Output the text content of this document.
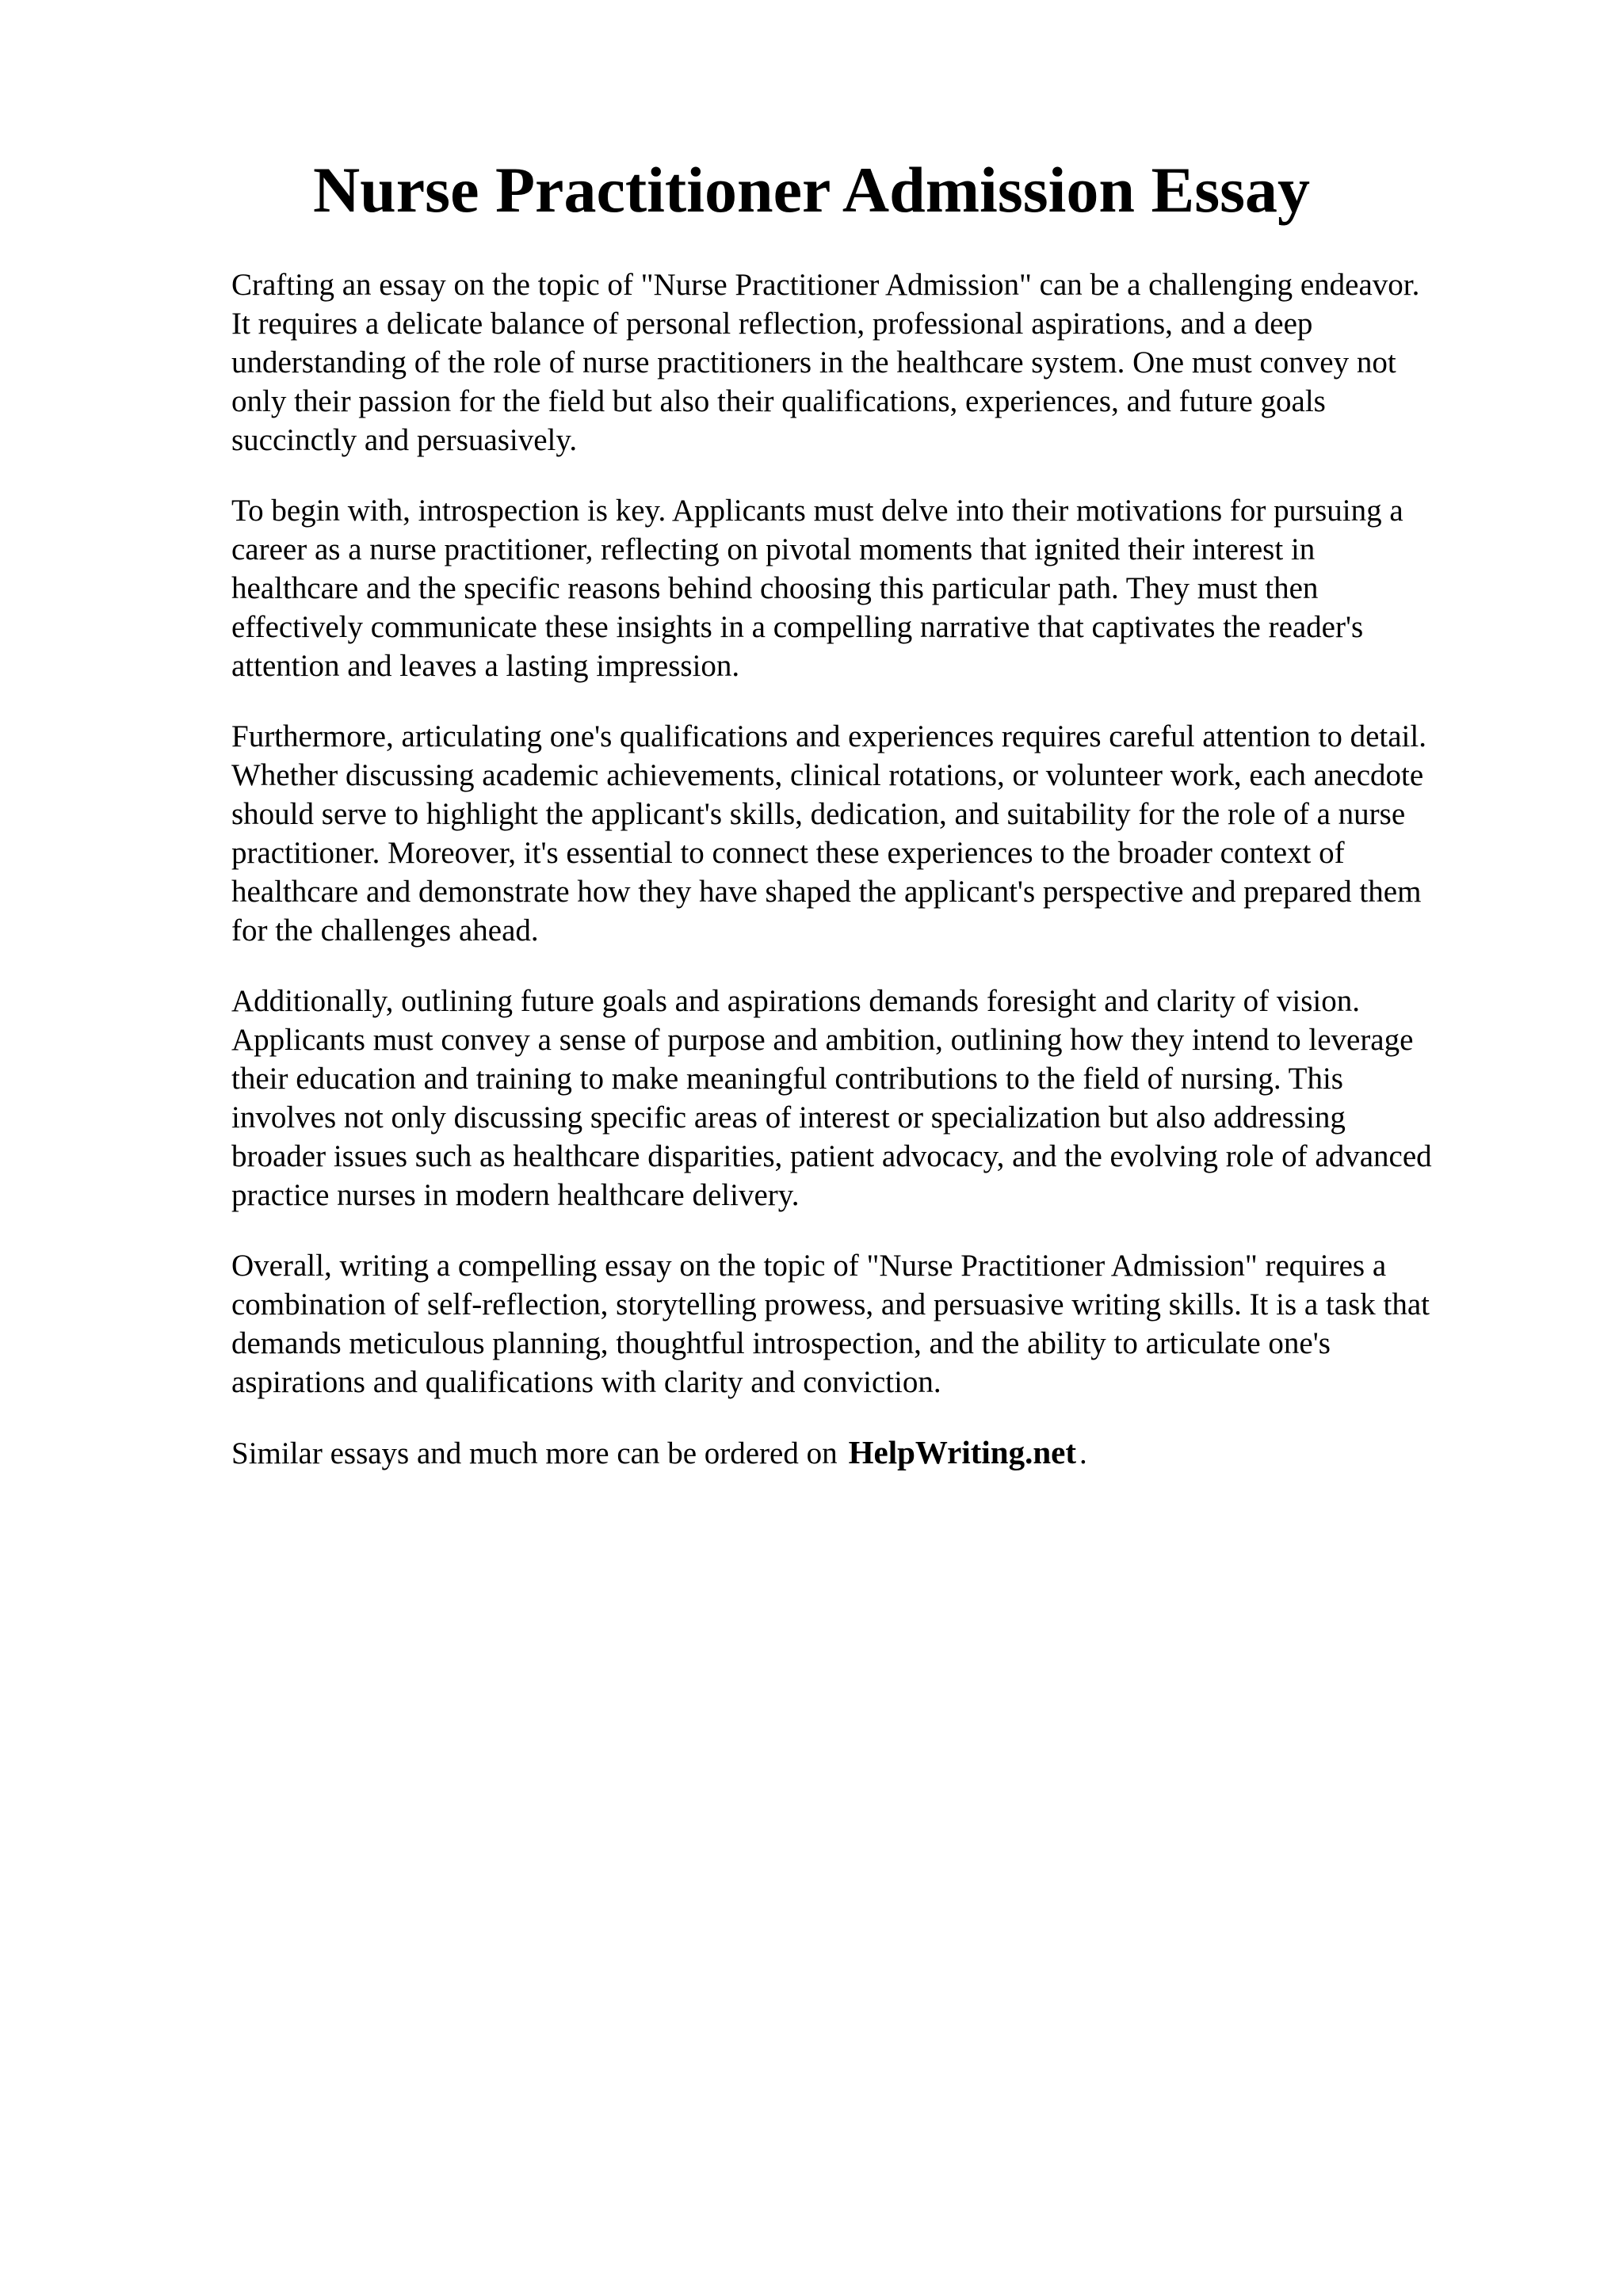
Nurse Practitioner Admission Essay

Crafting an essay on the topic of "Nurse Practitioner Admission" can be a challenging endeavor.
It requires a delicate balance of personal reflection, professional aspirations, and a deep
understanding of the role of nurse practitioners in the healthcare system. One must convey not
only their passion for the field but also their qualifications, experiences, and future goals
succinctly and persuasively.

To begin with, introspection is key. Applicants must delve into their motivations for pursuing a
career as a nurse practitioner, reflecting on pivotal moments that ignited their interest in
healthcare and the specific reasons behind choosing this particular path. They must then
effectively communicate these insights in a compelling narrative that captivates the reader's
attention and leaves a lasting impression.

Furthermore, articulating one's qualifications and experiences requires careful attention to detail.
Whether discussing academic achievements, clinical rotations, or volunteer work, each anecdote
should serve to highlight the applicant's skills, dedication, and suitability for the role of a nurse
practitioner. Moreover, it's essential to connect these experiences to the broader context of
healthcare and demonstrate how they have shaped the applicant's perspective and prepared them
for the challenges ahead.

Additionally, outlining future goals and aspirations demands foresight and clarity of vision.
Applicants must convey a sense of purpose and ambition, outlining how they intend to leverage
their education and training to make meaningful contributions to the field of nursing. This
involves not only discussing specific areas of interest or specialization but also addressing
broader issues such as healthcare disparities, patient advocacy, and the evolving role of advanced
practice nurses in modern healthcare delivery.

Overall, writing a compelling essay on the topic of "Nurse Practitioner Admission" requires a
combination of self-reflection, storytelling prowess, and persuasive writing skills. It is a task that
demands meticulous planning, thoughtful introspection, and the ability to articulate one's
aspirations and qualifications with clarity and conviction.

Similar essays and much more can be ordered on HelpWriting.net .
